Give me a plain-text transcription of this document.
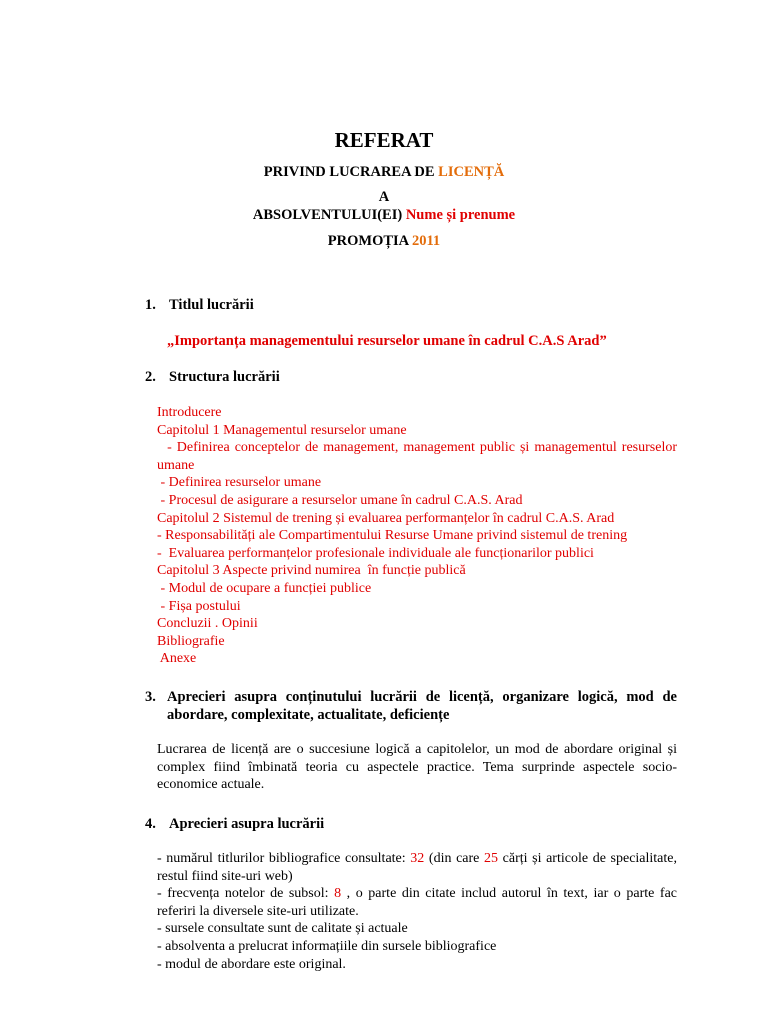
REFERAT
PRIVIND LUCRAREA DE LICENȚĂ
A
ABSOLVENTULUI(EI) Nume și prenume
PROMOȚIA 2011
1. Titlul lucrării
„Importanța managementului resurselor umane în cadrul C.A.S Arad”
2. Structura lucrării
Introducere
Capitolul 1 Managementul resurselor umane
- Definirea conceptelor de management, management public și managementul resurselor umane
- Definirea resurselor umane
- Procesul de asigurare a resurselor umane în cadrul C.A.S. Arad
Capitolul 2 Sistemul de trening și evaluarea performanțelor în cadrul C.A.S. Arad
- Responsabilități ale Compartimentului Resurse Umane privind sistemul de trening
-  Evaluarea performanțelor profesionale individuale ale funcționarilor publici
Capitolul 3 Aspecte privind numirea  în funcție publică
- Modul de ocupare a funcției publice
- Fișa postului
Concluzii . Opinii
Bibliografie
Anexe
3. Aprecieri asupra conținutului lucrării de licență, organizare logică, mod de abordare, complexitate, actualitate, deficiențe
Lucrarea de licență are o succesiune logică a capitolelor, un mod de abordare original și complex fiind îmbinată teoria cu aspectele practice. Tema surprinde aspectele socio-economice actuale.
4. Aprecieri asupra lucrării
- numărul titlurilor bibliografice consultate: 32 (din care 25 cărți și articole de specialitate, restul fiind site-uri web)
- frecvența notelor de subsol: 8 , o parte din citate includ autorul în text, iar o parte fac referiri la diversele site-uri utilizate.
- sursele consultate sunt de calitate și actuale
- absolventa a prelucrat informațiile din sursele bibliografice
- modul de abordare este original.
